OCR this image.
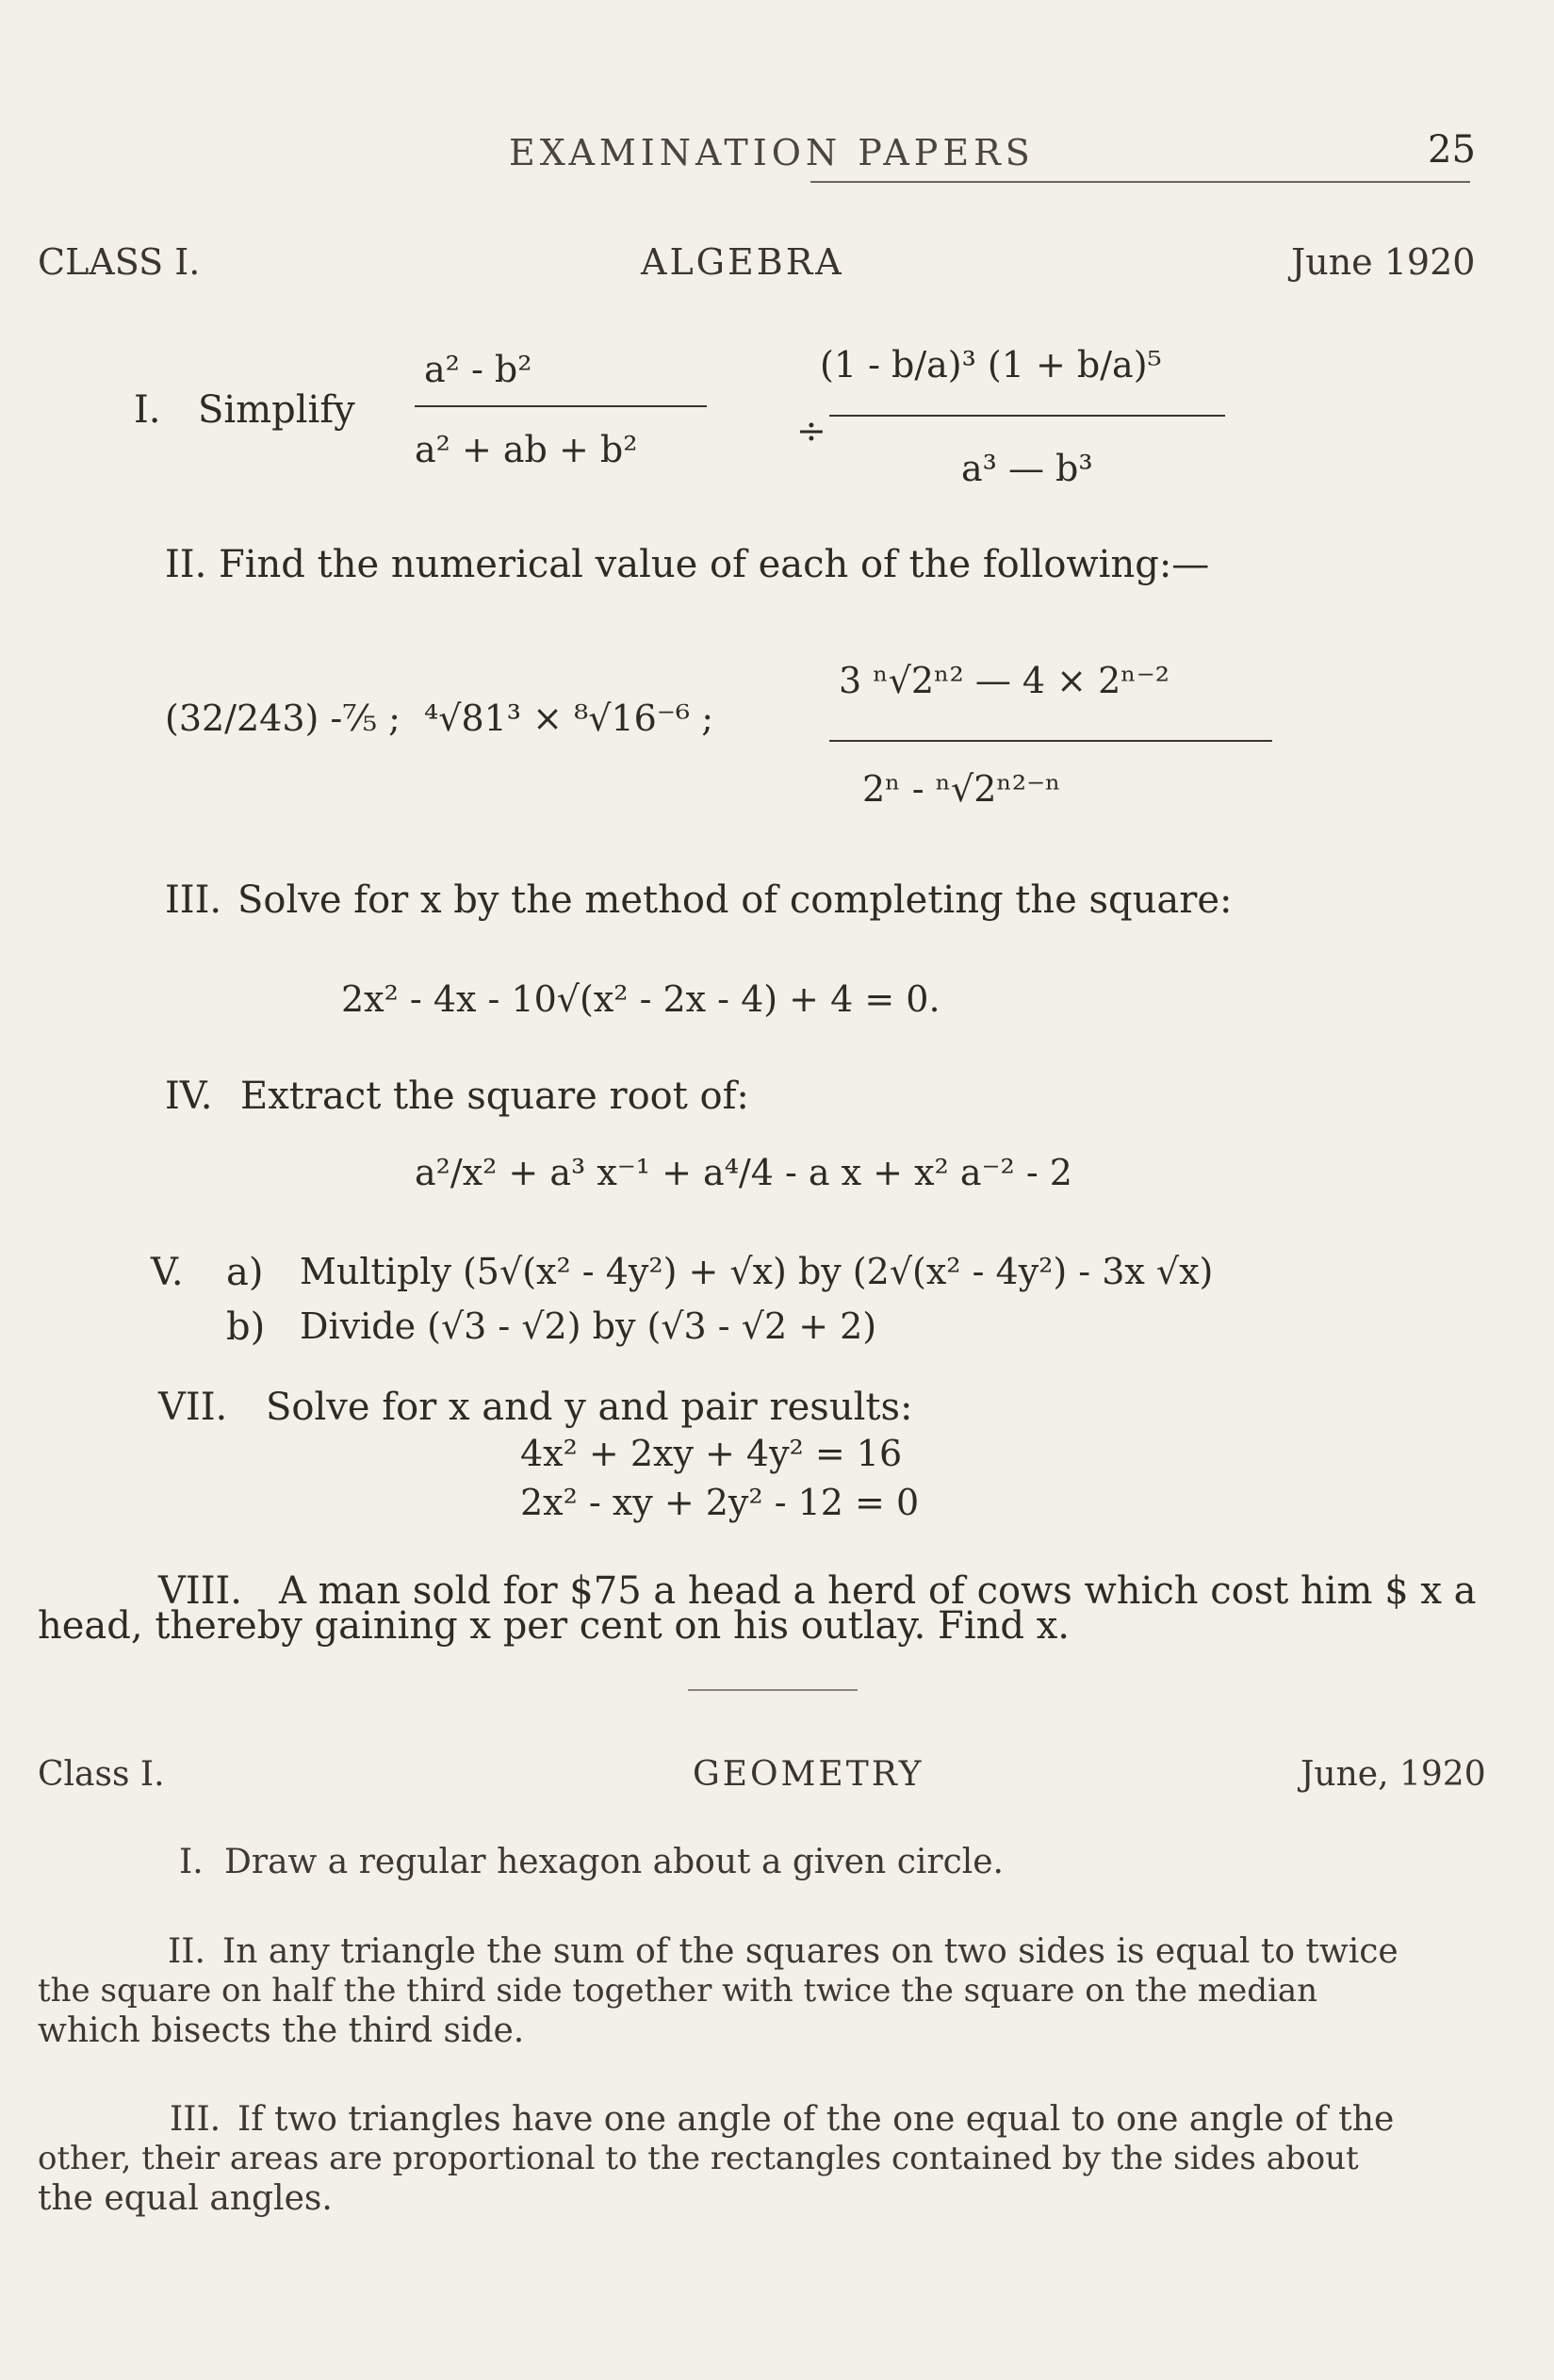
EXAMINATION PAPERS	25
CLASS I.	ALGEBRA	June 1920
I. Simplify
a² - b²
a² + ab + b²	÷
(1 - b/a)³ (1 + b/a)⁵
a³ — b³
II. Find the numerical value of each of the following:—
(32/243) -⁷⁄₅ ; ⁴√81³ × ⁸√16⁻⁶ ;
3 ⁿ√2ⁿ² — 4 × 2ⁿ⁻²
2ⁿ - ⁿ√2ⁿ²⁻ⁿ
III. Solve for x by the method of completing the square:
2x² - 4x - 10√(x² - 2x - 4) + 4 = 0.
IV. Extract the square root of:
a²/x² + a³ x⁻¹ + a⁴/4 - a x + x² a⁻² - 2
V. a) Multiply (5√(x² - 4y²) + √x) by (2√(x² - 4y²) - 3x √x)
b) Divide (√3 - √2) by (√3 - √2 + 2)
VII. Solve for x and y and pair results:
4x² + 2xy + 4y² = 16
2x² - xy + 2y² - 12 = 0
VIII. A man sold for $75 a head a herd of cows which cost him $ x a
head, thereby gaining x per cent on his outlay. Find x.
Class I.	GEOMETRY	June, 1920
I. Draw a regular hexagon about a given circle.
II. In any triangle the sum of the squares on two sides is equal to twice
the square on half the third side together with twice the square on the median
which bisects the third side.
III. If two triangles have one angle of the one equal to one angle of the
other, their areas are proportional to the rectangles contained by the sides about
the equal angles.
